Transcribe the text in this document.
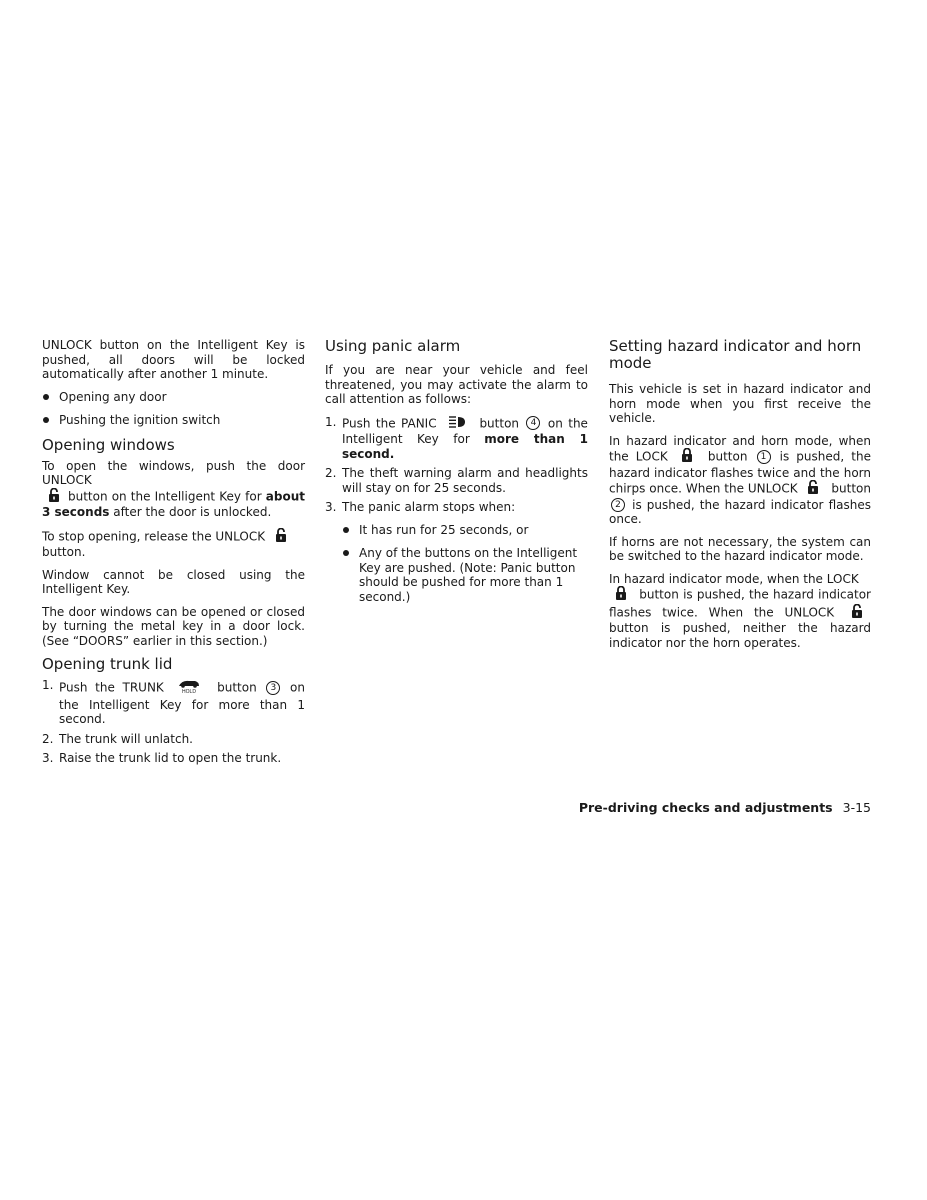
UNLOCK button on the Intelligent Key is pushed, all doors will be locked automatically after another 1 minute.

Opening any door
Pushing the ignition switch
Opening windows

To open the windows, push the door UNLOCK
button on the Intelligent Key for about 3 seconds after the door is unlocked.

To stop opening, release the UNLOCK
button.

Window cannot be closed using the Intelligent Key.

The door windows can be opened or closed by turning the metal key in a door lock. (See “DOORS” earlier in this section.)

Opening trunk lid
1. Push the TRUNK	HOLD button 3 on the Intelligent Key for more than 1 second.
2. The trunk will unlatch.
3. Raise the trunk lid to open the trunk.
Using panic alarm

If you are near your vehicle and feel threatened, you may activate the alarm to call attention as follows:

1. Push the PANIC	button 4 on the Intelligent Key for more than 1 second.
2. The theft warning alarm and headlights will stay on for 25 seconds.
3. The panic alarm stops when:
It has run for 25 seconds, or
Any of the buttons on the Intelligent Key are pushed. (Note: Panic button should be pushed for more than 1 second.)
Setting hazard indicator and horn mode

This vehicle is set in hazard indicator and horn mode when you first receive the vehicle.

In hazard indicator and horn mode, when the LOCK	button 1 is pushed, the hazard indicator flashes twice and the horn chirps once. When the UNLOCK	button 2 is pushed, the hazard indicator flashes once.

If horns are not necessary, the system can be switched to the hazard indicator mode.

In hazard indicator mode, when the LOCK
button is pushed, the hazard indicator flashes twice. When the UNLOCK  button is pushed, neither the hazard indicator nor the horn operates.

Pre-driving checks and adjustments 3-15
